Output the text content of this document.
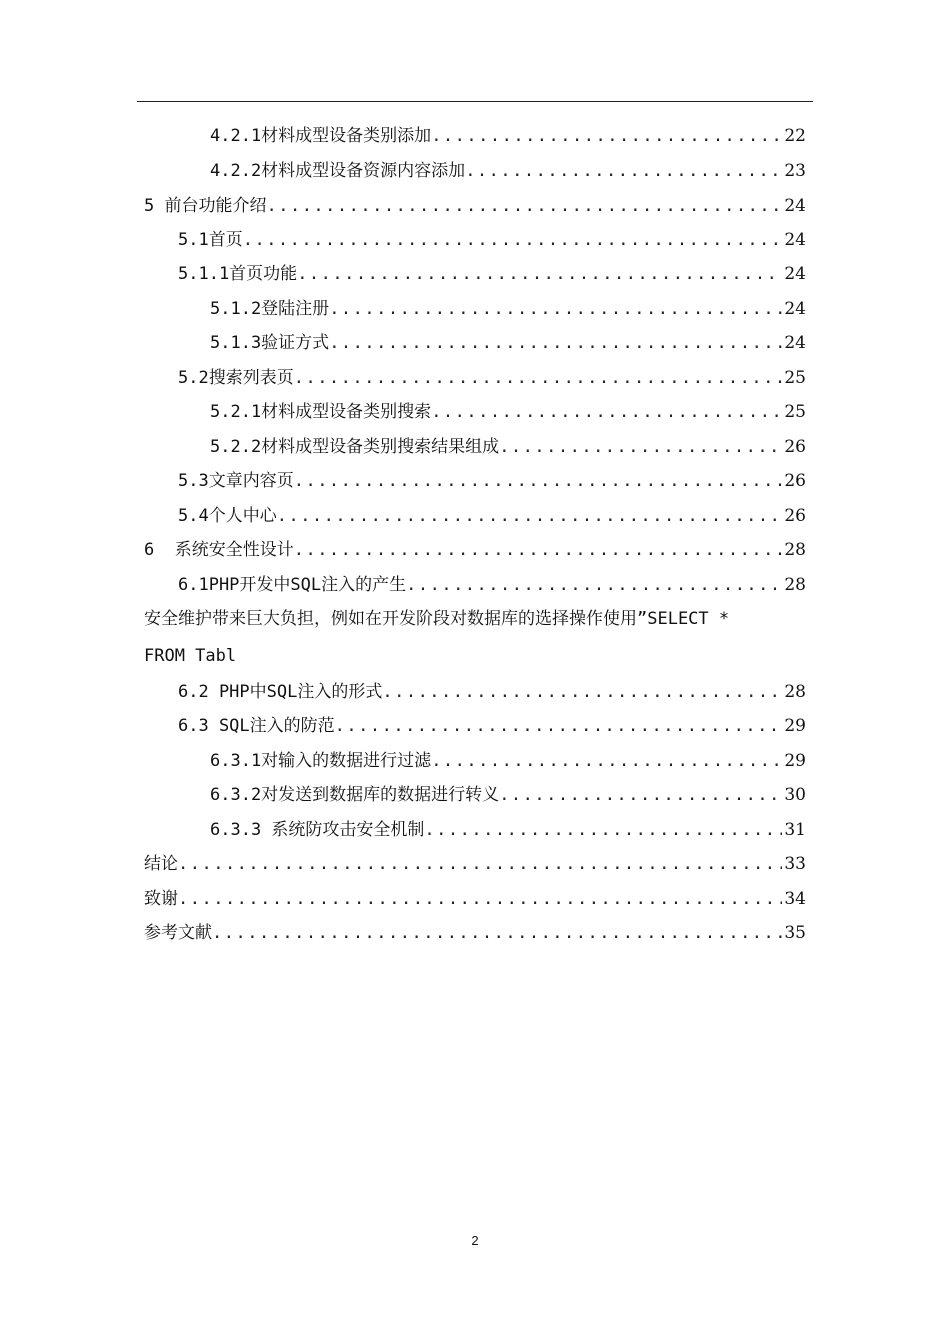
4.2.1材料成型设备类别添加 .....	22
4.2.2材料成型设备资源内容添加 .....	23
5 前台功能介绍 .....	24
5.1首页 .....	24
5.1.1首页功能 .....	24
5.1.2登陆注册 .....	24
5.1.3验证方式 .....	24
5.2搜索列表页 .....	25
5.2.1材料成型设备类别搜索 .....	25
5.2.2材料成型设备类别搜索结果组成 .....	26
5.3文章内容页 .....	26
5.4个人中心 .....	26
6  系统安全性设计 .....	28
6.1PHP开发中SQL注入的产生 .....	28
安全维护带来巨大负担，例如在开发阶段对数据库的选择操作使用”SELECT *
FROM Tabl
6.2 PHP中SQL注入的形式 .....	28
6.3 SQL注入的防范 .....	29
6.3.1对输入的数据进行过滤 .....	29
6.3.2对发送到数据库的数据进行转义 .....	30
6.3.3 系统防攻击安全机制 .....	31
结论 .....	33
致谢 .....	34
参考文献 .....	35
2
